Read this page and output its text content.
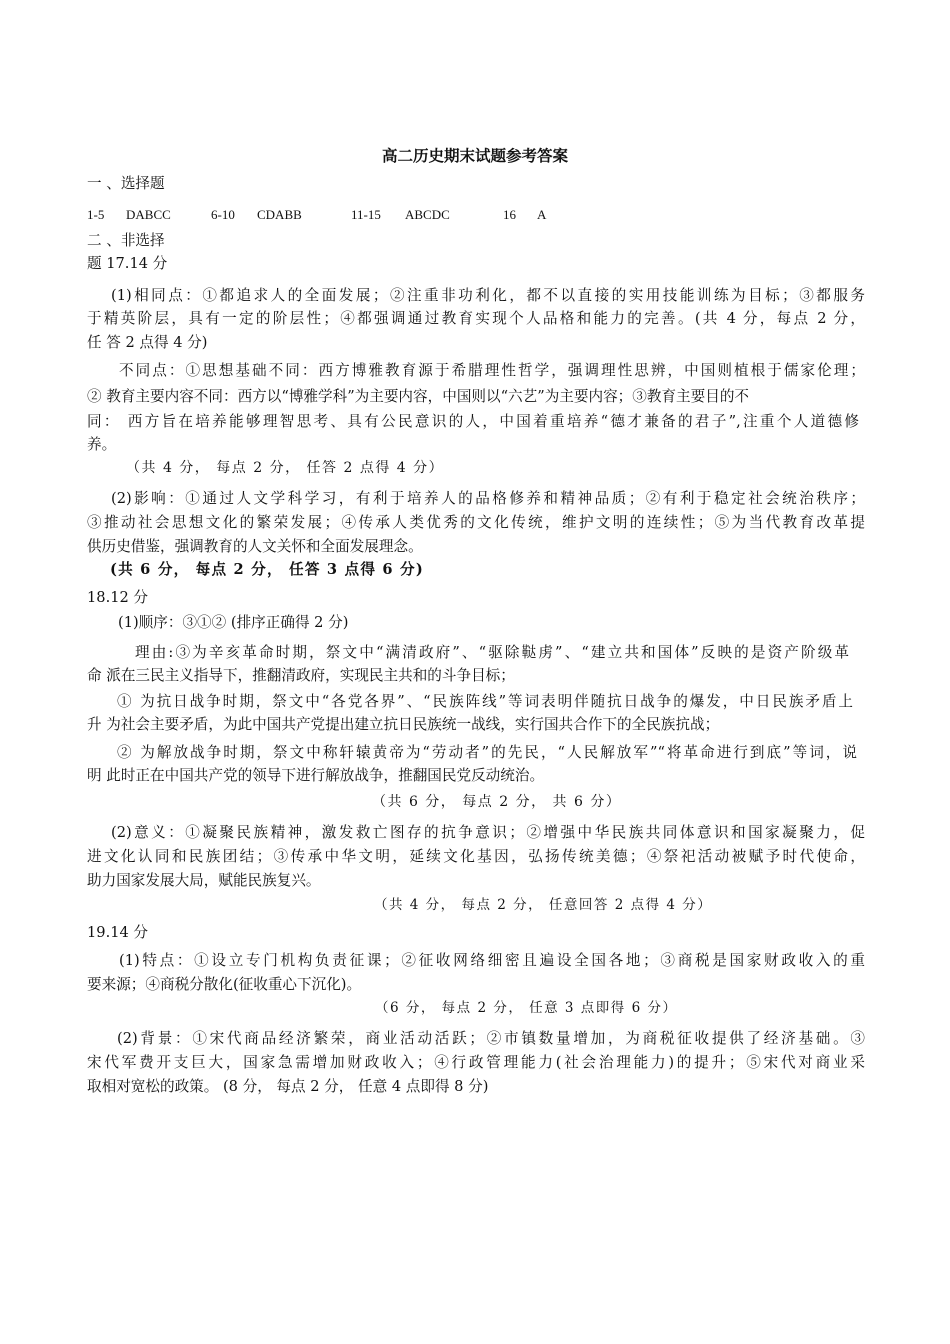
高二历史期末试题参考答案
一 、选择题
1-5 DABCC	6-10 CDABB	11-15 ABCDC	16 A
二 、非选择
题 17.14 分
(1)相同点：①都追求人的全面发展；②注重非功利化，都不以直接的实用技能训练为目标；③都服务
于精英阶层，具有一定的阶层性；④都强调通过教育实现个人品格和能力的完善。(共 4 分，每点 2 分，
任 答 2 点得 4 分)
不同点：①思想基础不同：西方博雅教育源于希腊理性哲学，强调理性思辨，中国则植根于儒家伦理；
② 教育主要内容不同：西方以“博雅学科”为主要内容，中国则以“六艺”为主要内容；③教育主要目的不
同： 西方旨在培养能够理智思考、具有公民意识的人，中国着重培养“德才兼备的君子”,注重个人道德修
养。
（共 4 分， 每点 2 分， 任答 2 点得 4 分）
(2)影响：①通过人文学科学习，有利于培养人的品格修养和精神品质；②有利于稳定社会统治秩序；
③推动社会思想文化的繁荣发展；④传承人类优秀的文化传统，维护文明的连续性；⑤为当代教育改革提
供历史借鉴，强调教育的人文关怀和全面发展理念。
(共 6 分， 每点 2 分， 任答 3 点得 6 分)
18.12 分
(1)顺序：③①② (排序正确得 2 分)
理由:③为辛亥革命时期，祭文中“满清政府”、“驱除鞑虏”、“建立共和国体”反映的是资产阶级革
命 派在三民主义指导下，推翻清政府，实现民主共和的斗争目标；
① 为抗日战争时期，祭文中“各党各界”、“民族阵线”等词表明伴随抗日战争的爆发，中日民族矛盾上
升 为社会主要矛盾，为此中国共产党提出建立抗日民族统一战线，实行国共合作下的全民族抗战；
② 为解放战争时期，祭文中称轩辕黄帝为“劳动者”的先民，“人民解放军”“将革命进行到底”等词，说
明 此时正在中国共产党的领导下进行解放战争，推翻国民党反动统治。
（共 6 分， 每点 2 分， 共 6 分）
(2)意义：①凝聚民族精神，激发救亡图存的抗争意识；②增强中华民族共同体意识和国家凝聚力，促
进文化认同和民族团结；③传承中华文明，延续文化基因，弘扬传统美德；④祭祀活动被赋予时代使命，
助力国家发展大局，赋能民族复兴。
（共 4 分， 每点 2 分， 任意回答 2 点得 4 分）
19.14 分
(1)特点：①设立专门机构负责征课；②征收网络细密且遍设全国各地；③商税是国家财政收入的重
要来源；④商税分散化(征收重心下沉化)。
（6 分， 每点 2 分， 任意 3 点即得 6 分）
(2)背景：①宋代商品经济繁荣，商业活动活跃；②市镇数量增加，为商税征收提供了经济基础。③
宋代军费开支巨大，国家急需增加财政收入；④行政管理能力(社会治理能力)的提升；⑤宋代对商业采
取相对宽松的政策。 (8 分， 每点 2 分， 任意 4 点即得 8 分)
